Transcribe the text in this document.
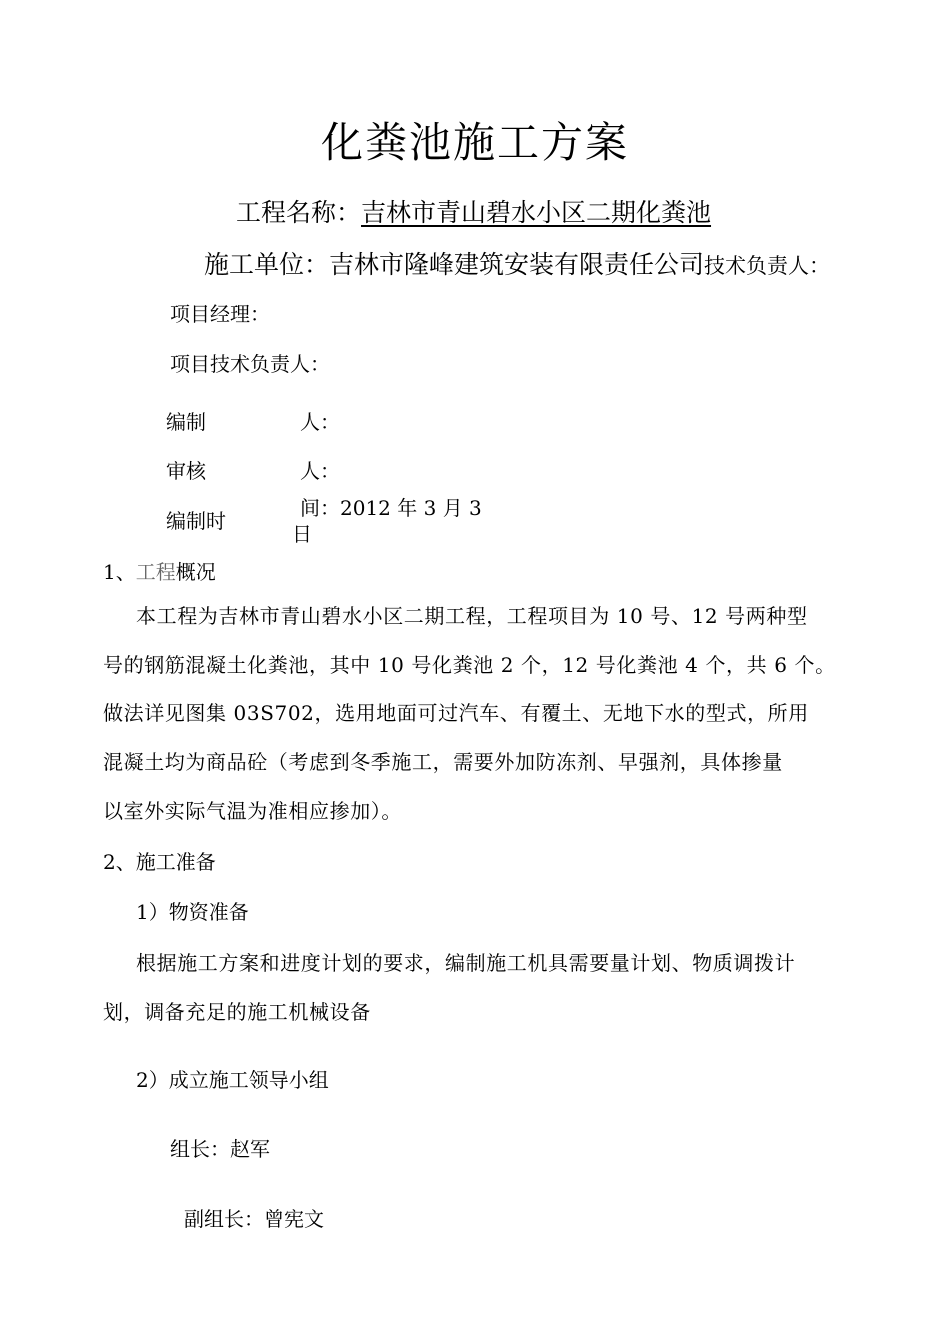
化粪池施工方案
工程名称：吉林市青山碧水小区二期化粪池
施工单位：吉林市隆峰建筑安装有限责任公司技术负责人：
项目经理：
项目技术负责人：
编制	人：
审核	人：
编制时
间：2012 年 3 月 3
日
1、工程概况
本工程为吉林市青山碧水小区二期工程，工程项目为 10 号、12 号两种型
号的钢筋混凝土化粪池，其中 10 号化粪池 2 个，12 号化粪池 4 个，共 6 个。
做法详见图集 03S702，选用地面可过汽车、有覆土、无地下水的型式，所用
混凝土均为商品砼（考虑到冬季施工，需要外加防冻剂、早强剂，具体掺量
以室外实际气温为准相应掺加）。
2、施工准备
1）物资准备
根据施工方案和进度计划的要求，编制施工机具需要量计划、物质调拨计
划，调备充足的施工机械设备
2）成立施工领导小组
组长：赵军
副组长：曾宪文
